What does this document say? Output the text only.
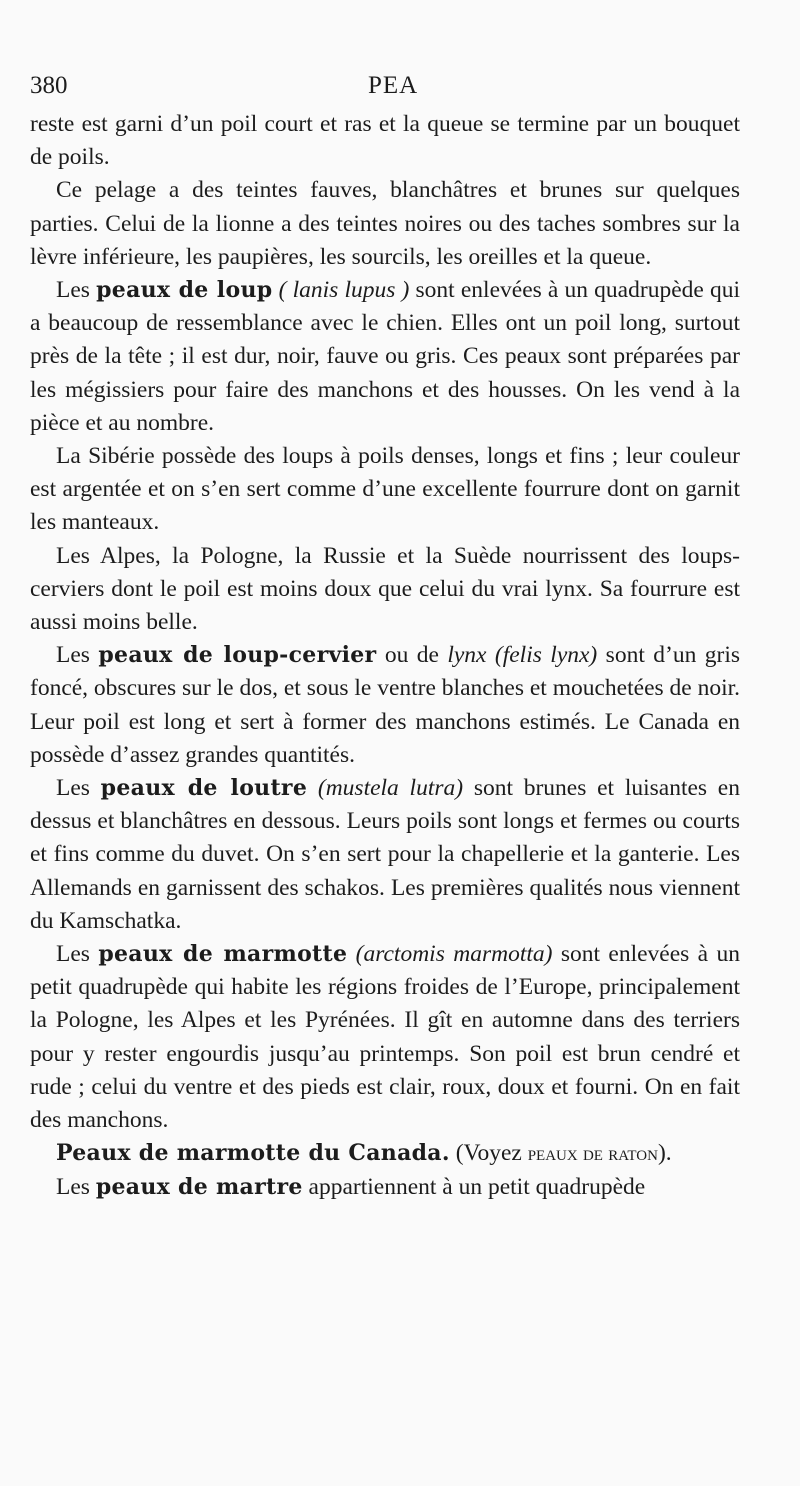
380	PEA

reste est garni d’un poil court et ras et la queue se termine par un bouquet de poils.

Ce pelage a des teintes fauves, blanchâtres et brunes sur quelques parties. Celui de la lionne a des teintes noires ou des taches sombres sur la lèvre inférieure, les paupières, les sourcils, les oreilles et la queue.

Les peaux de loup ( lanis lupus ) sont enlevées à un quadrupède qui a beaucoup de ressemblance avec le chien. Elles ont un poil long, surtout près de la tête ; il est dur, noir, fauve ou gris. Ces peaux sont préparées par les mégissiers pour faire des manchons et des housses. On les vend à la pièce et au nombre.

La Sibérie possède des loups à poils denses, longs et fins ; leur couleur est argentée et on s’en sert comme d’une excellente fourrure dont on garnit les manteaux.

Les Alpes, la Pologne, la Russie et la Suède nourrissent des loups-cerviers dont le poil est moins doux que celui du vrai lynx. Sa fourrure est aussi moins belle.

Les peaux de loup-cervier ou de lynx (felis lynx) sont d’un gris foncé, obscures sur le dos, et sous le ventre blanches et mouchetées de noir. Leur poil est long et sert à former des manchons estimés. Le Canada en possède d’assez grandes quantités.

Les peaux de loutre (mustela lutra) sont brunes et luisantes en dessus et blanchâtres en dessous. Leurs poils sont longs et fermes ou courts et fins comme du duvet. On s’en sert pour la chapellerie et la ganterie. Les Allemands en garnissent des schakos. Les premières qualités nous viennent du Kamschatka.

Les peaux de marmotte (arctomis marmotta) sont enlevées à un petit quadrupède qui habite les régions froides de l’Europe, principalement la Pologne, les Alpes et les Pyrénées. Il gît en automne dans des terriers pour y rester engourdis jusqu’au printemps. Son poil est brun cendré et rude ; celui du ventre et des pieds est clair, roux, doux et fourni. On en fait des manchons.

Peaux de marmotte du Canada. (Voyez peaux de raton).

Les peaux de martre appartiennent à un petit quadrupède
